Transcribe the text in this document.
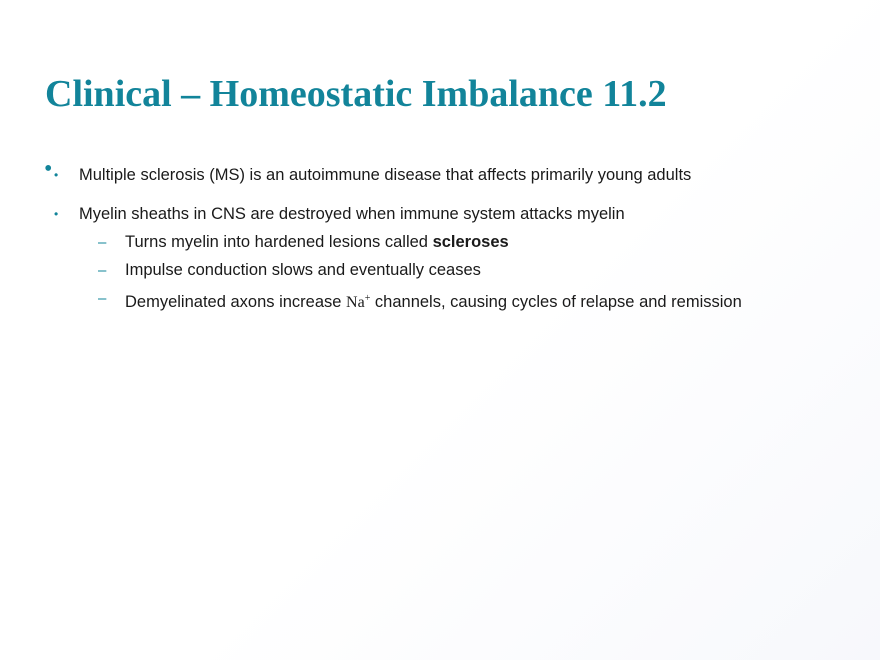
Clinical – Homeostatic Imbalance 11.2
• • Multiple sclerosis (MS) is an autoimmune disease that affects primarily young adults
• Myelin sheaths in CNS are destroyed when immune system attacks myelin
– Turns myelin into hardened lesions called scleroses
– Impulse conduction slows and eventually ceases
– Demyelinated axons increase Na+ channels, causing cycles of relapse and remission
